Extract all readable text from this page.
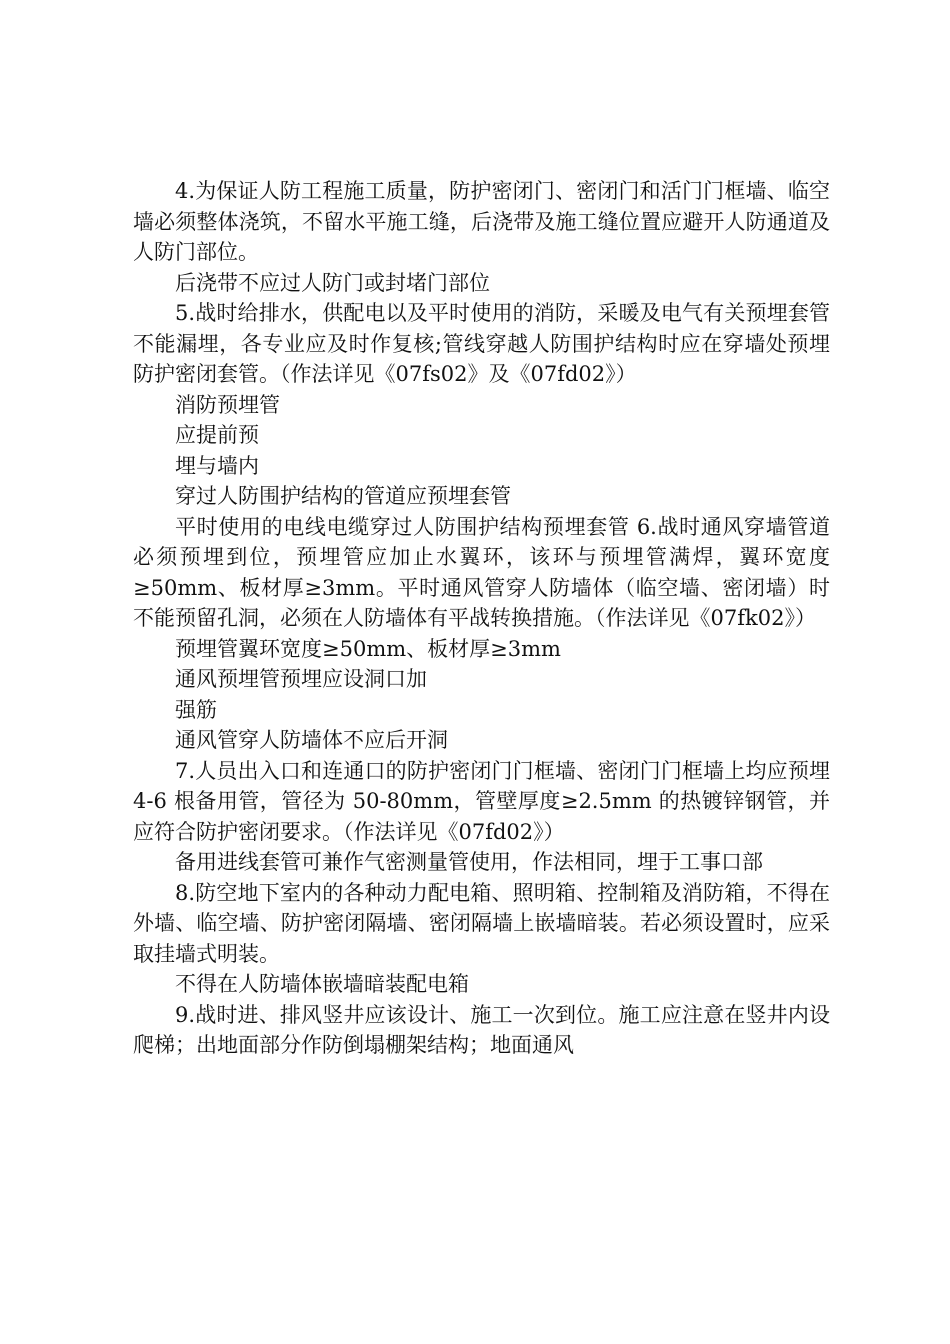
4.为保证人防工程施工质量，防护密闭门、密闭门和活门门框墙、临空墙必须整体浇筑，不留水平施工缝，后浇带及施工缝位置应避开人防通道及人防门部位。

后浇带不应过人防门或封堵门部位

5.战时给排水，供配电以及平时使用的消防，采暖及电气有关预埋套管不能漏埋，各专业应及时作复核;管线穿越人防围护结构时应在穿墙处预埋防护密闭套管。（作法详见《07fs02》及《07fd02》）

消防预埋管

应提前预

埋与墙内

穿过人防围护结构的管道应预埋套管

平时使用的电线电缆穿过人防围护结构预埋套管 6.战时通风穿墙管道必须预埋到位，预埋管应加止水翼环，该环与预埋管满焊，翼环宽度≥50mm、板材厚≥3mm。平时通风管穿人防墙体（临空墙、密闭墙）时不能预留孔洞，必须在人防墙体有平战转换措施。（作法详见《07fk02》）

预埋管翼环宽度≥50mm、板材厚≥3mm

通风预埋管预埋应设洞口加

强筋

通风管穿人防墙体不应后开洞

7.人员出入口和连通口的防护密闭门门框墙、密闭门门框墙上均应预埋 4-6 根备用管，管径为 50-80mm，管壁厚度≥2.5mm 的热镀锌钢管，并应符合防护密闭要求。（作法详见《07fd02》）

备用进线套管可兼作气密测量管使用，作法相同，埋于工事口部

8.防空地下室内的各种动力配电箱、照明箱、控制箱及消防箱，不得在外墙、临空墙、防护密闭隔墙、密闭隔墙上嵌墙暗装。若必须设置时，应采取挂墙式明装。

不得在人防墙体嵌墙暗装配电箱

9.战时进、排风竖井应该设计、施工一次到位。施工应注意在竖井内设爬梯；出地面部分作防倒塌棚架结构；地面通风
